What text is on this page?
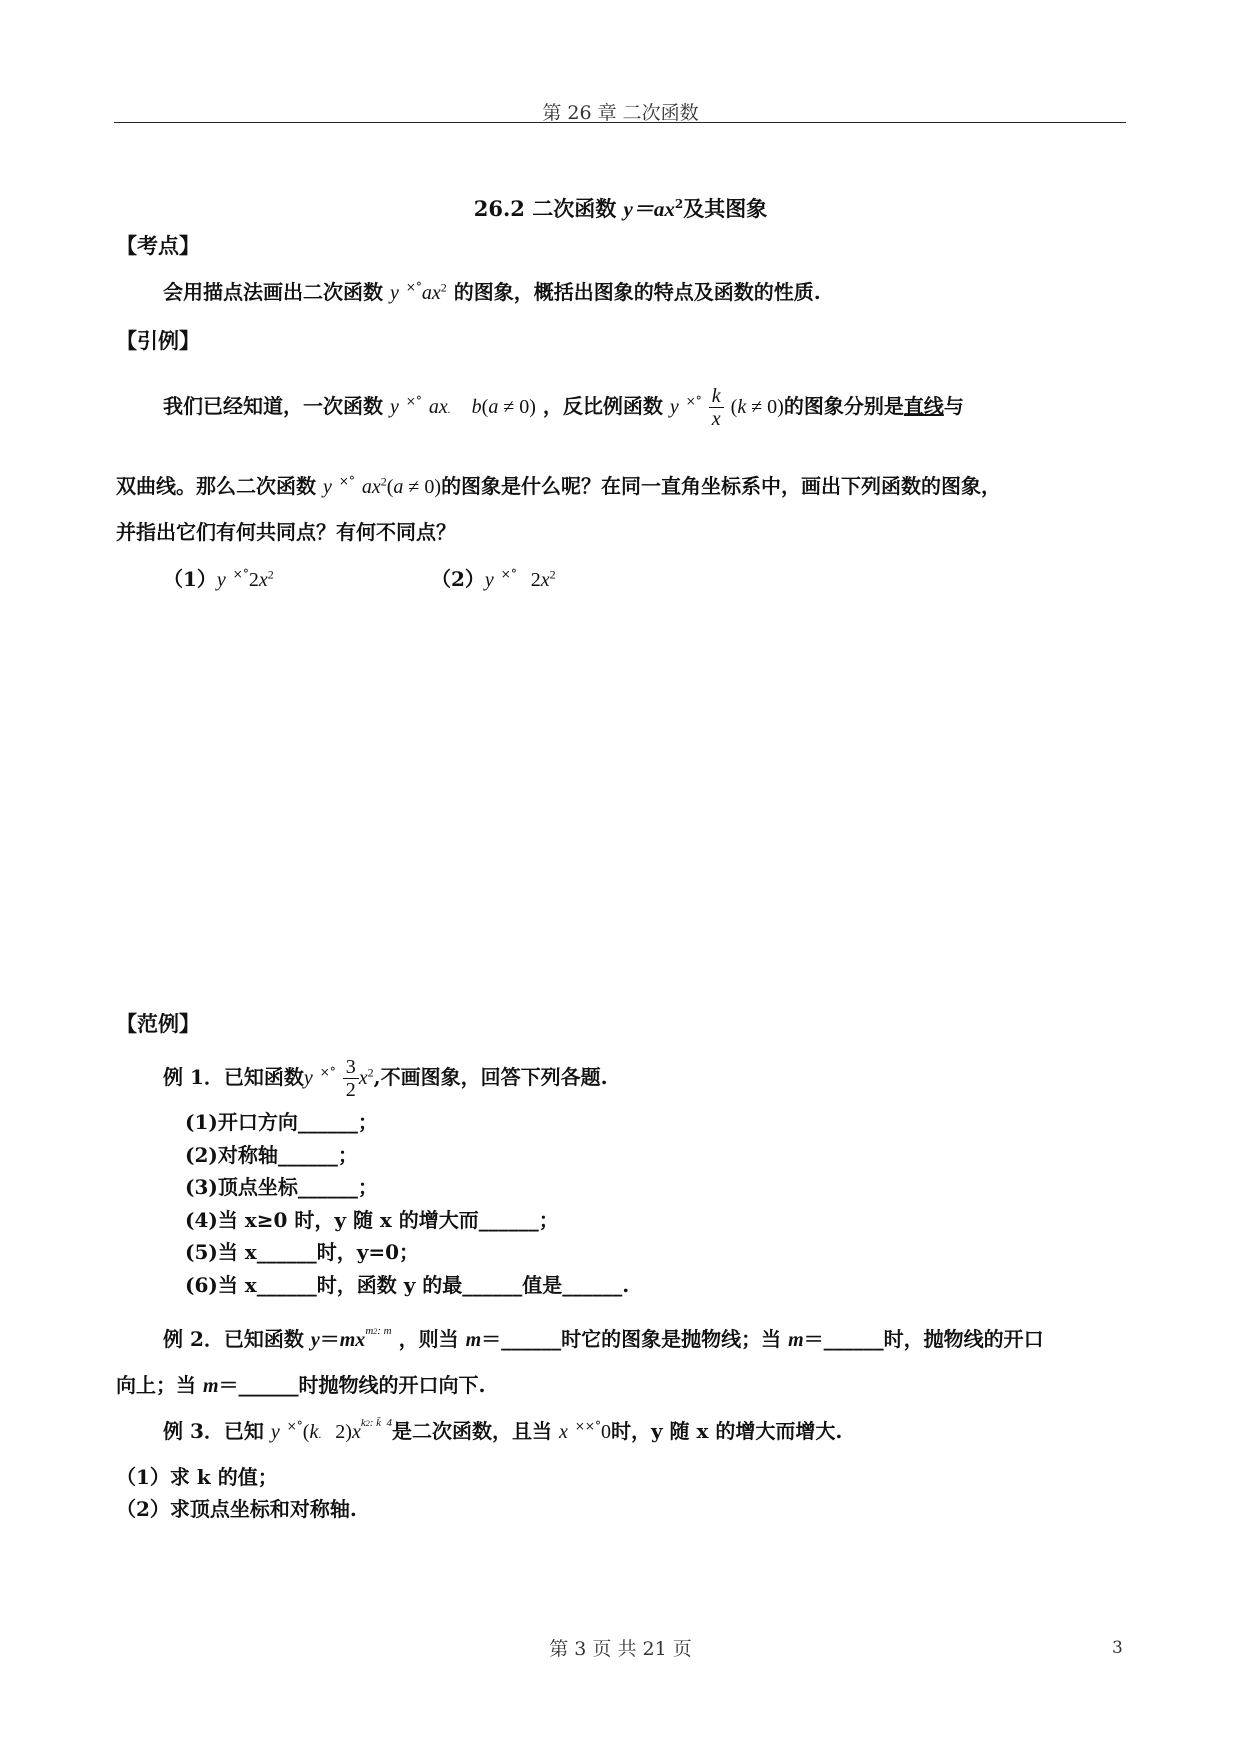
第 26 章 二次函数
26.2 二次函数 $y=ax^2$及其图象
【考点】
会用描点法画出二次函数 y $^{\times^\circ}ax^2$ 的图象，概括出图象的特点及函数的性质.
【引例】
我们已经知道，一次函数 y ×° ax. b(a ≠ 0) ，反比例函数 y $^{\times^\circ} \frac{k}{x} (k \ne 0)$的图象分别是直线与
双曲线。那么二次函数 y ×° $ax^2(a \ne 0)$的图象是什么呢？在同一直角坐标系中，画出下列函数的图象，
并指出它们有何共同点？有何不同点？
（1）y $^{\times^\circ}2x^2$	（2）y ×° $2x^2$
【范例】
例 1．已知函数y $^{\times^\circ} \frac{3}{2} x^2$,不画图象，回答下列各题.
(1)开口方向______；
(2)对称轴______；
(3)顶点坐标______；
(4)当 x≥0 时，y 随 x 的增大而______；
(5)当 x______时，y=0；
(6)当 x______时，函数 y 的最______值是______.
例 2．已知函数 $y=mx^{m2: m}$ ，则当 m＝______时它的图象是抛物线；当 m＝______时，抛物线的开口
向上；当 m＝______时抛物线的开口向下.
例 3．已知 y ×°(k. $2)x^{k2: k̄ 4}$是二次函数，且当 x ××°0时，y 随 x 的增大而增大.
（1）求 k 的值；
（2）求顶点坐标和对称轴.
第 3 页 共 21 页	3
